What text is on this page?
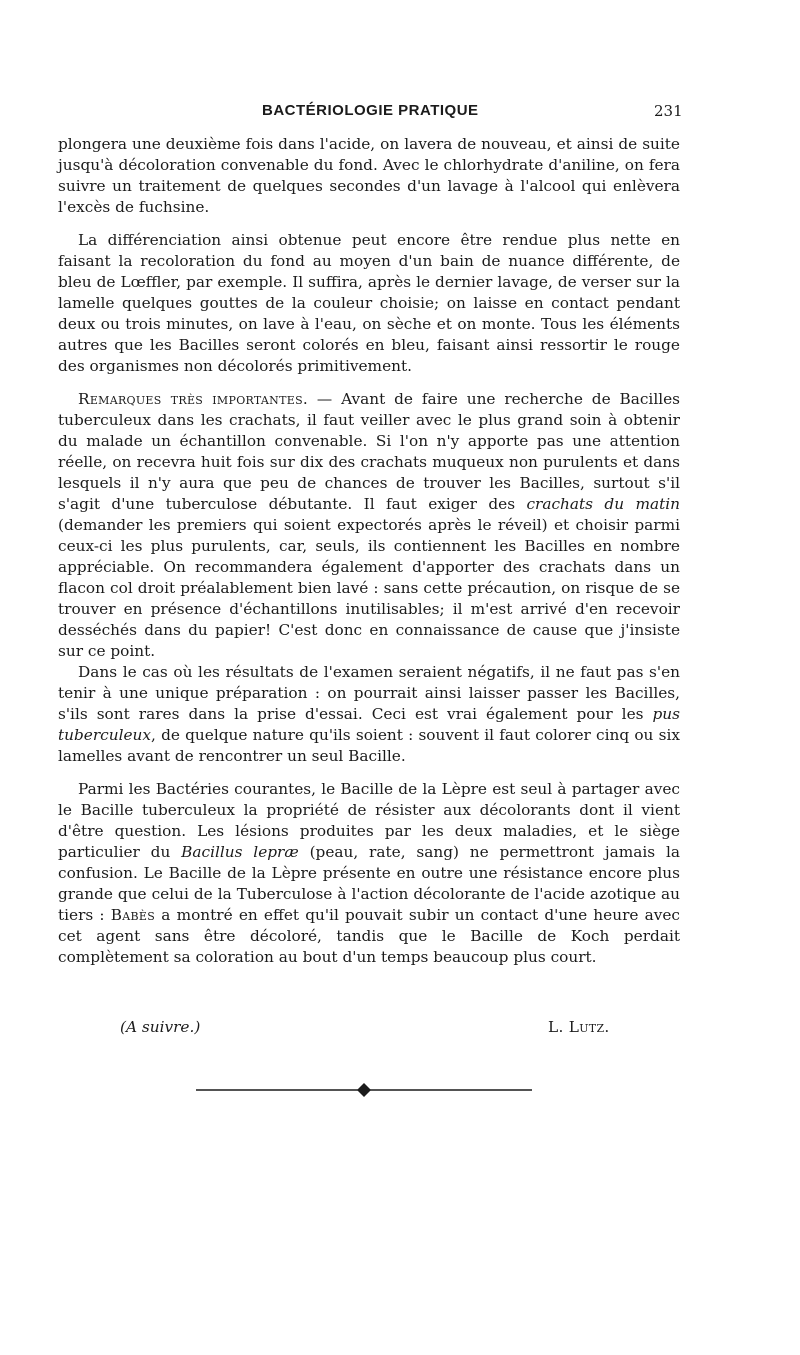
BACTÉRIOLOGIE PRATIQUE	231

plongera une deuxième fois dans l'acide, on lavera de nouveau, et ainsi de suite jusqu'à décoloration convenable du fond. Avec le chlorhydrate d'aniline, on fera suivre un traitement de quelques secondes d'un lavage à l'alcool qui enlèvera l'excès de fuchsine.

La différenciation ainsi obtenue peut encore être rendue plus nette en faisant la recoloration du fond au moyen d'un bain de nuance différente, de bleu de Lœffler, par exemple. Il suffira, après le dernier lavage, de verser sur la lamelle quelques gouttes de la couleur choisie; on laisse en contact pendant deux ou trois minutes, on lave à l'eau, on sèche et on monte. Tous les éléments autres que les Bacilles seront colorés en bleu, faisant ainsi ressortir le rouge des organismes non décolorés primitivement.

Remarques très importantes. — Avant de faire une recherche de Bacilles tuberculeux dans les crachats, il faut veiller avec le plus grand soin à obtenir du malade un échantillon convenable. Si l'on n'y apporte pas une attention réelle, on recevra huit fois sur dix des crachats muqueux non purulents et dans lesquels il n'y aura que peu de chances de trouver les Bacilles, surtout s'il s'agit d'une tuberculose débutante. Il faut exiger des crachats du matin (demander les premiers qui soient expectorés après le réveil) et choisir parmi ceux-ci les plus purulents, car, seuls, ils contiennent les Bacilles en nombre appréciable. On recommandera également d'apporter des crachats dans un flacon col droit préalablement bien lavé : sans cette précaution, on risque de se trouver en présence d'échantillons inutilisables; il m'est arrivé d'en recevoir desséchés dans du papier! C'est donc en connaissance de cause que j'insiste sur ce point.

Dans le cas où les résultats de l'examen seraient négatifs, il ne faut pas s'en tenir à une unique préparation : on pourrait ainsi laisser passer les Bacilles, s'ils sont rares dans la prise d'essai. Ceci est vrai également pour les pus tuberculeux, de quelque nature qu'ils soient : souvent il faut colorer cinq ou six lamelles avant de rencontrer un seul Bacille.

Parmi les Bactéries courantes, le Bacille de la Lèpre est seul à partager avec le Bacille tuberculeux la propriété de résister aux décolorants dont il vient d'être question. Les lésions produites par les deux maladies, et le siège particulier du Bacillus lepræ (peau, rate, sang) ne permettront jamais la confusion. Le Bacille de la Lèpre présente en outre une résistance encore plus grande que celui de la Tuberculose à l'action décolorante de l'acide azotique au tiers : Babès a montré en effet qu'il pouvait subir un contact d'une heure avec cet agent sans être décoloré, tandis que le Bacille de Koch perdait complètement sa coloration au bout d'un temps beaucoup plus court.

(A suivre.)	L. Lutz.
